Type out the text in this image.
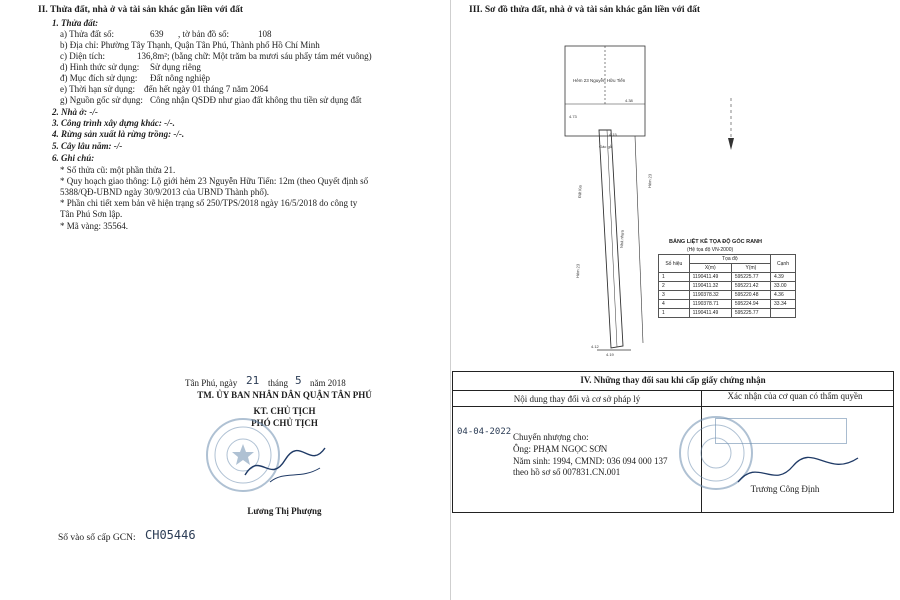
II. Thửa đất, nhà ở và tài sản khác gắn liền với đất
1. Thửa đất:
a) Thửa đất số:	639 , tờ bản đồ số:	108
b) Địa chỉ: Phường Tây Thạnh, Quận Tân Phú, Thành phố Hồ Chí Minh
c) Diện tích:	136,8m²; (bằng chữ: Một trăm ba mươi sáu phẩy tám mét vuông)
d) Hình thức sử dụng: Sử dụng riêng
đ) Mục đích sử dụng: Đất nông nghiệp
e) Thời hạn sử dụng: đến hết ngày 01 tháng 7 năm 2064
g) Nguồn gốc sử dụng: Công nhận QSDĐ như giao đất không thu tiền sử dụng đất
2. Nhà ở: -/-
3. Công trình xây dựng khác: -/-.
4. Rừng sản xuất là rừng trồng: -/-.
5. Cây lâu năm: -/-
6. Ghi chú:
* Số thửa cũ: một phần thửa 21.
* Quy hoạch giao thông: Lộ giới hẻm 23 Nguyễn Hữu Tiến: 12m (theo Quyết định số
5388/QĐ-UBND ngày 30/9/2013 của UBND Thành phố).
* Phần chi tiết xem bản vẽ hiện trạng số 250/TPS/2018 ngày 16/5/2018 do công ty
Tân Phú Sơn lập.
* Mã vàng: 35564.
Tân Phú, ngày 21 tháng 5 năm 2018
TM. ỦY BAN NHÂN DÂN QUẬN TÂN PHÚ
KT. CHỦ TỊCH
PHÓ CHỦ TỊCH
Lương Thị Phượng
Số vào sổ cấp GCN: CH05446
III. Sơ đồ thửa đất, nhà ở và tài sản khác gắn liền với đất
Hẻm 23 Nguyễn Hữu Tiến
4.15
Gác gỗ
4.19
Đất lúa
Hẻm 23
Nhà nhựa
Hẻm 23
4.73
4.38
4.12
BẢNG LIỆT KÊ TỌA ĐỘ GÓC RANH
(Hệ tọa độ VN-2000)
Số hiệu	Tọa độ		Cạnh
	X(m)	Y(m)	
1	1190411.49	595225.77	4.39
2	1190411.32	595221.42	33.00
3	1190378.32	595220.48	4.36
4	1190378.71	595224.94	33.34
1	1190411.49	595225.77	
IV. Những thay đổi sau khi cấp giấy chứng nhận
Nội dung thay đổi và cơ sở pháp lý	Xác nhận của cơ quan có thẩm quyền
04-04-2022 Chuyển nhượng cho:
Ông: PHẠM NGỌC SƠN
Năm sinh: 1994, CMND: 036 094 000 137
theo hồ sơ số 007831.CN.001
Trương Công Định
